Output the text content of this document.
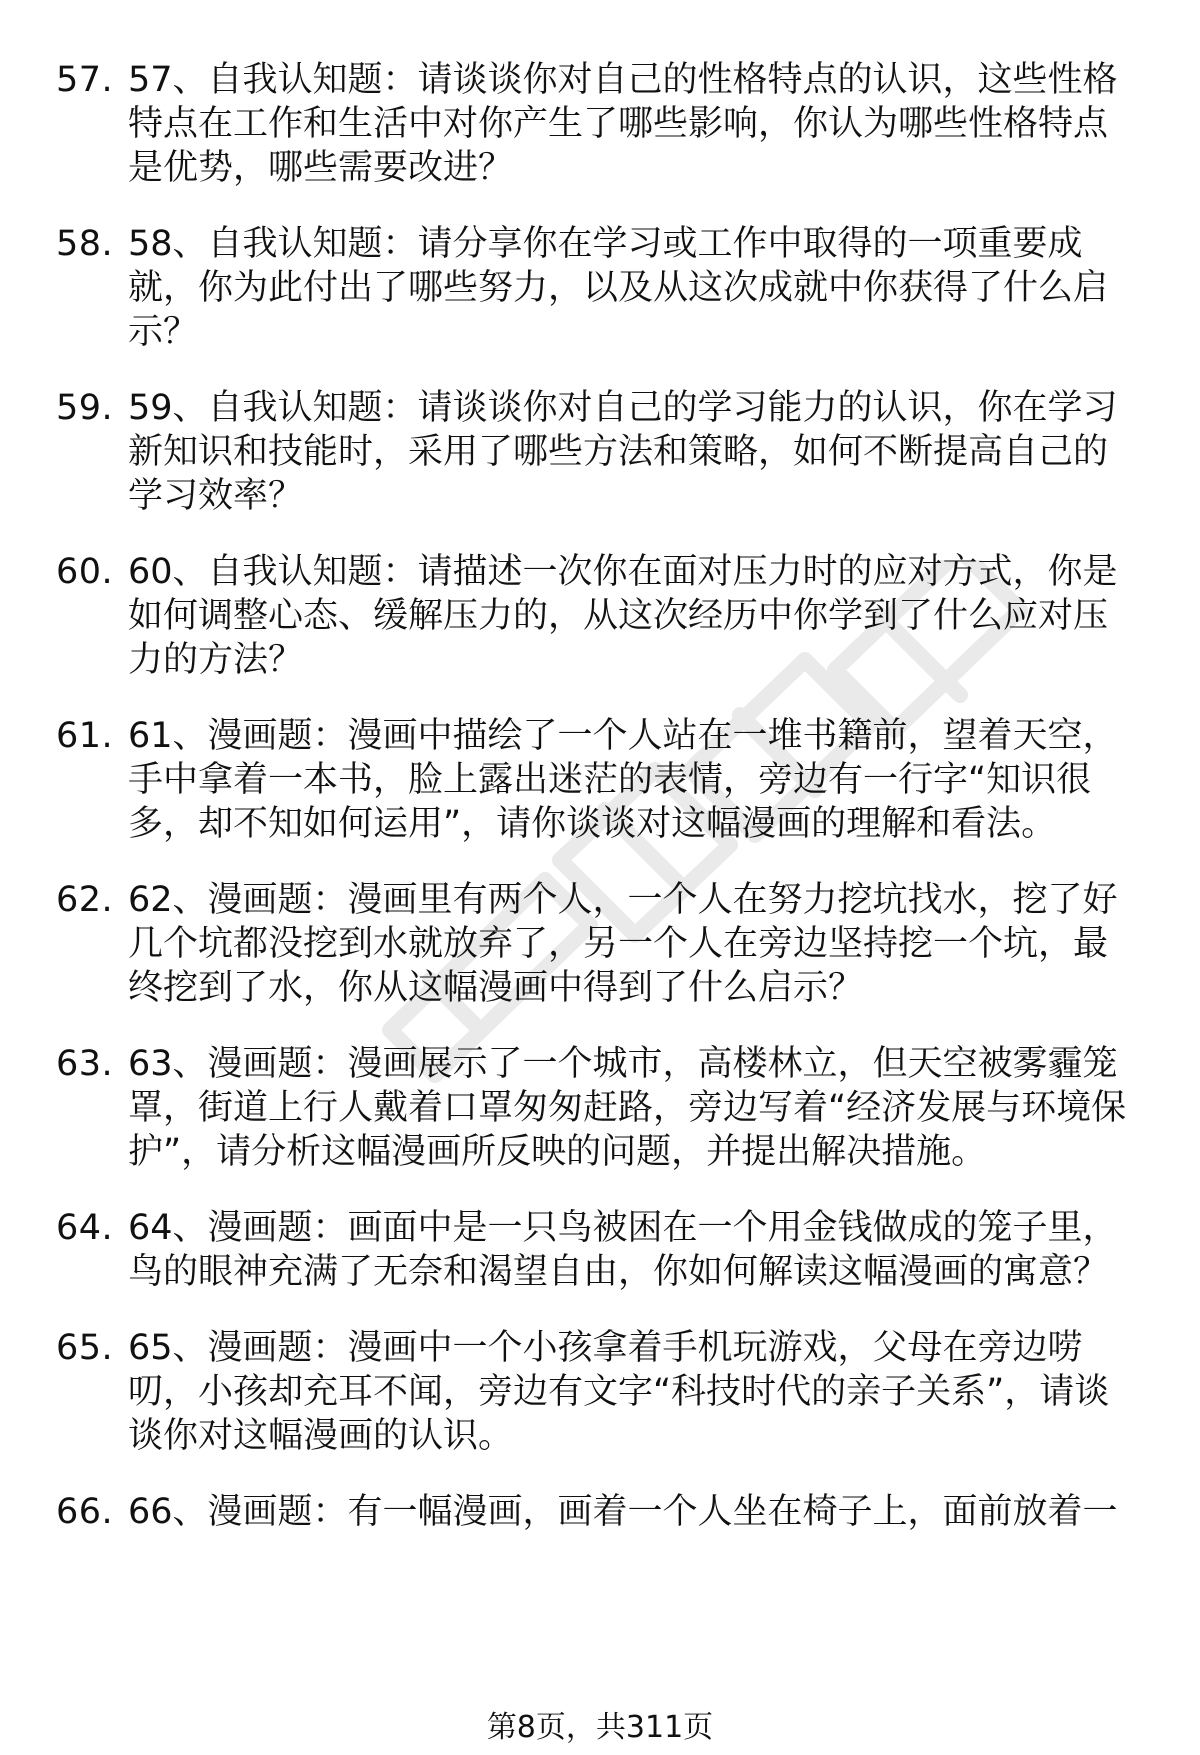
57. 57、自我认知题：请谈谈你对自己的性格特点的认识，这些性格特点在工作和生活中对你产生了哪些影响，你认为哪些性格特点是优势，哪些需要改进？
58. 58、自我认知题：请分享你在学习或工作中取得的一项重要成就，你为此付出了哪些努力，以及从这次成就中你获得了什么启示？
59. 59、自我认知题：请谈谈你对自己的学习能力的认识，你在学习新知识和技能时，采用了哪些方法和策略，如何不断提高自己的学习效率？
60. 60、自我认知题：请描述一次你在面对压力时的应对方式，你是如何调整心态、缓解压力的，从这次经历中你学到了什么应对压力的方法？
61. 61、漫画题：漫画中描绘了一个人站在一堆书籍前，望着天空，手中拿着一本书，脸上露出迷茫的表情，旁边有一行字“知识很多，却不知如何运用”，请你谈谈对这幅漫画的理解和看法。
62. 62、漫画题：漫画里有两个人，一个人在努力挖坑找水，挖了好几个坑都没挖到水就放弃了，另一个人在旁边坚持挖一个坑，最终挖到了水，你从这幅漫画中得到了什么启示？
63. 63、漫画题：漫画展示了一个城市，高楼林立，但天空被雾霾笼罩，街道上行人戴着口罩匆匆赶路，旁边写着“经济发展与环境保护”，请分析这幅漫画所反映的问题，并提出解决措施。
64. 64、漫画题：画面中是一只鸟被困在一个用金钱做成的笼子里，鸟的眼神充满了无奈和渴望自由，你如何解读这幅漫画的寓意？
65. 65、漫画题：漫画中一个小孩拿着手机玩游戏，父母在旁边唠叨，小孩却充耳不闻，旁边有文字“科技时代的亲子关系”，请谈谈你对这幅漫画的认识。
66. 66、漫画题：有一幅漫画，画着一个人坐在椅子上，面前放着一
第8页，共311页
